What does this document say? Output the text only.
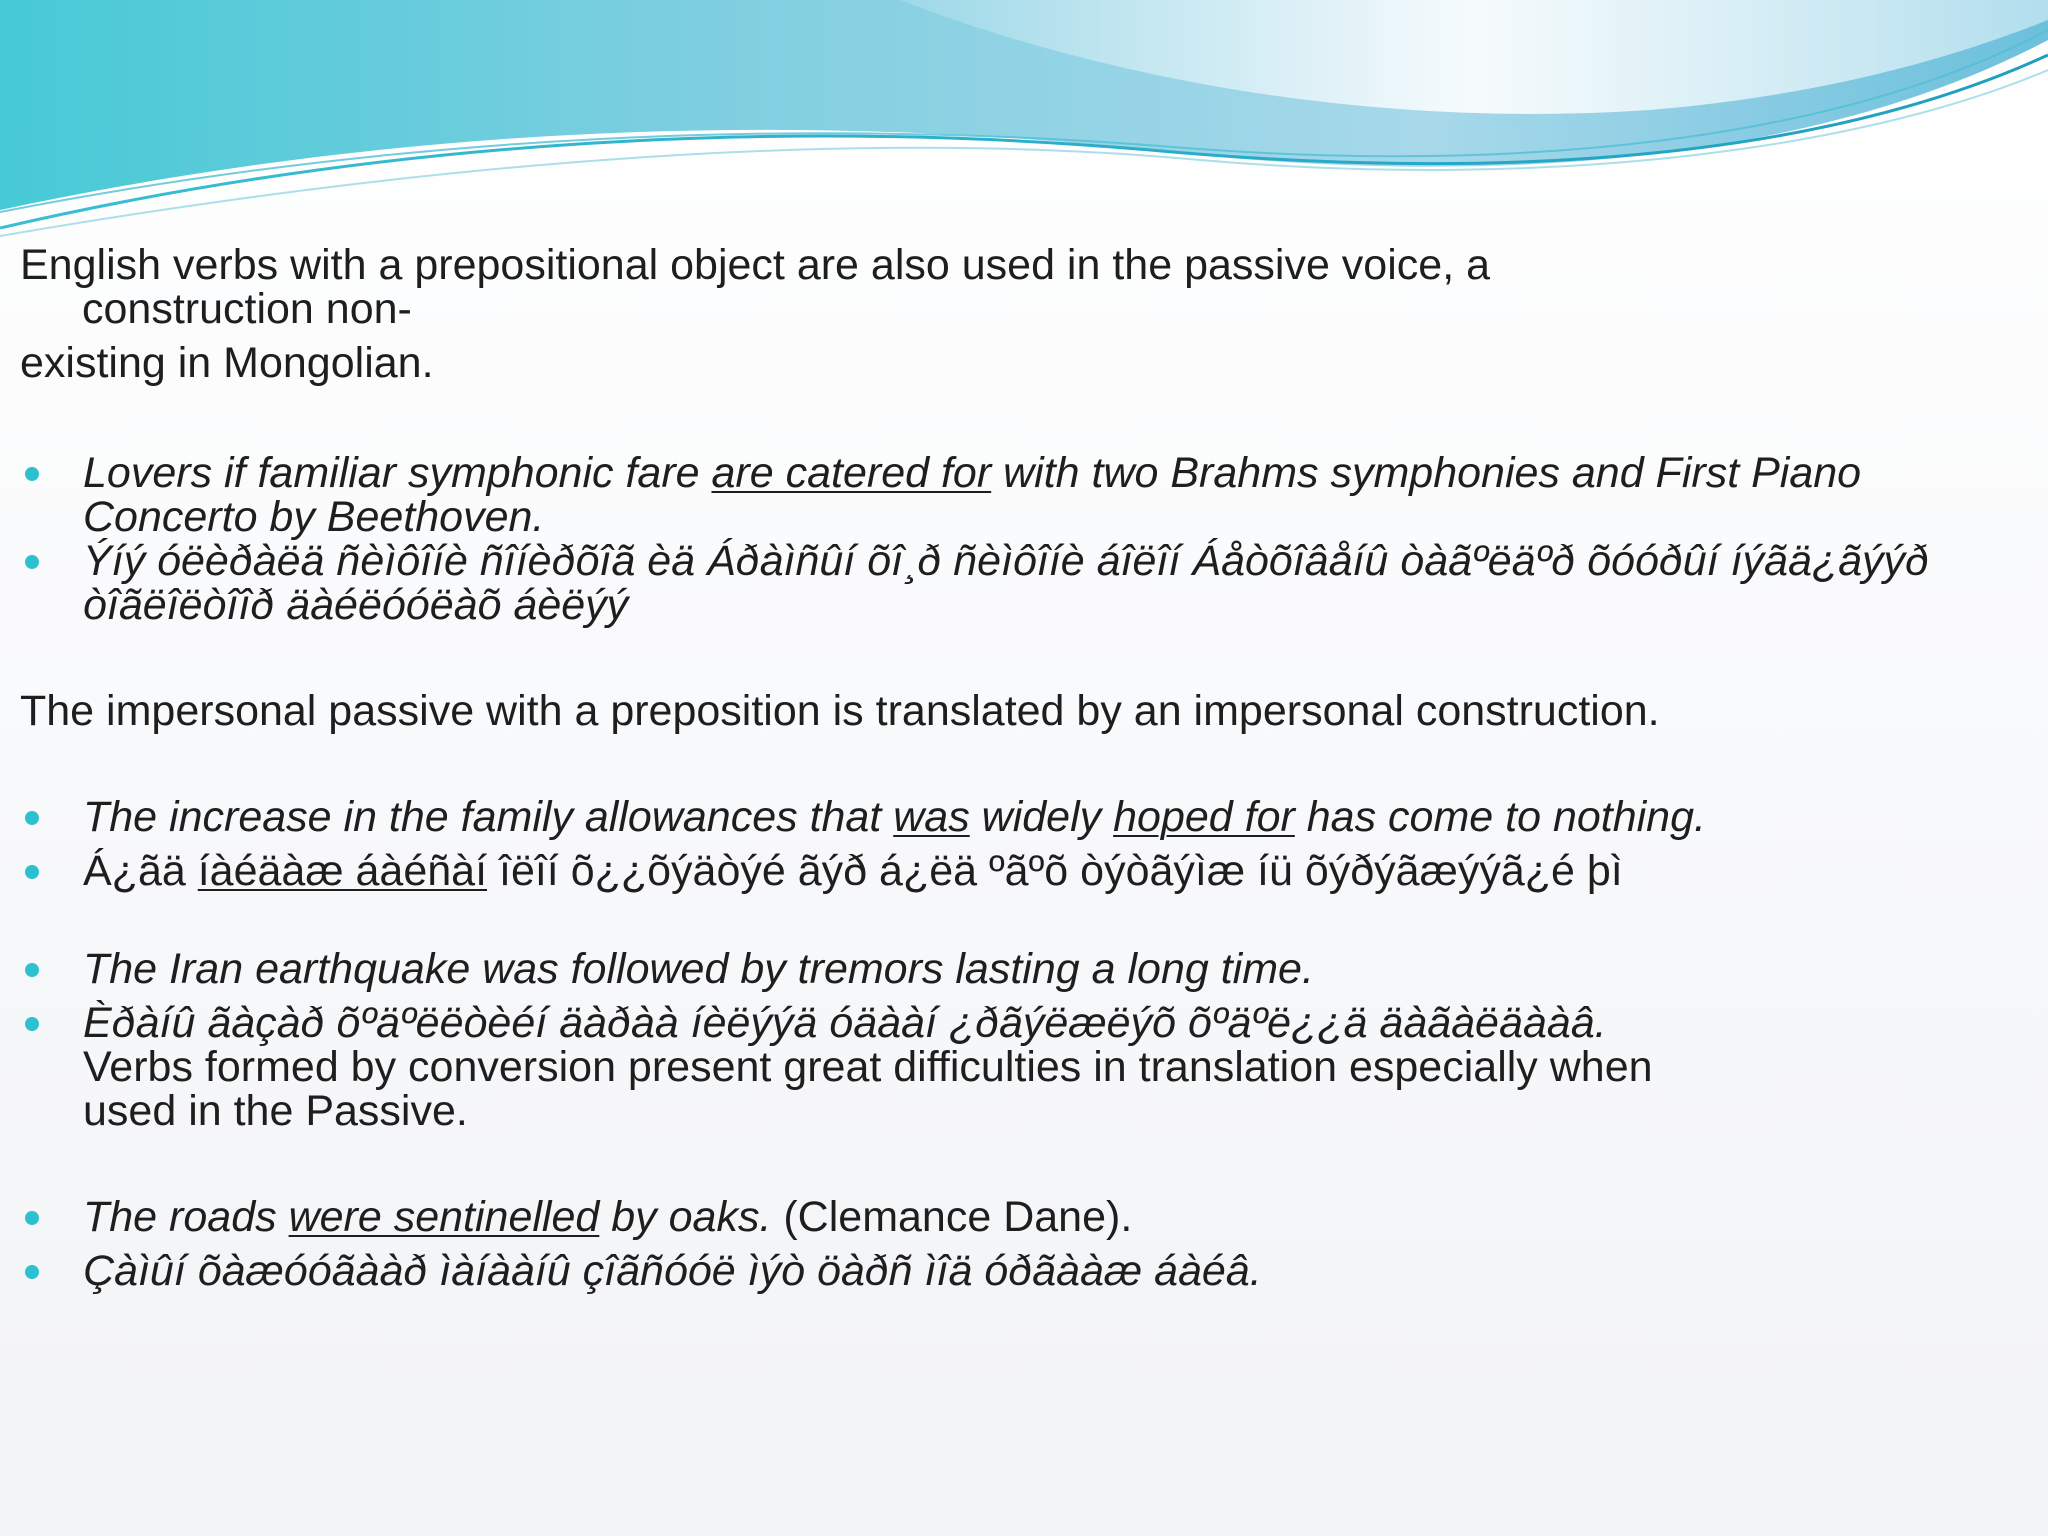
English verbs with a prepositional object are also used in the passive voice, a
construction non-

existing in Mongolian.

Lovers if familiar symphonic fare are catered for with two Brahms symphonies and First Piano Concerto by Beethoven.

Ýíý óëèðàëä ñèìôîíè ñîíèðõîã èä Áðàìñûí õî¸ð ñèìôîíè áîëîí Áåòõîâåíû òàãºëäºð õóóðûí íýãä¿ãýýð òîãëîëòîîð äàéëóóëàõ áèëýý

The impersonal passive with a preposition is translated by an impersonal construction.

The increase in the family allowances that was widely hoped for has come to nothing.

Á¿ãä íàéäàæ áàéñàí îëîí õ¿¿õýäòýé ãýð á¿ëä ºãºõ òýòãýìæ íü õýðýãæýýã¿é þì

The Iran earthquake was followed by tremors lasting a long time.

Èðàíû ãàçàð õºäºëëòèéí äàðàà íèëýýä óäààí ¿ðãýëæëýõ õºäºë¿¿ä äàãàëäààâ.
Verbs formed by conversion present great difficulties in translation especially when
used in the Passive.

The roads were sentinelled by oaks. (Clemance Dane).

Çàìûí õàæóóãààð ìàíààíû çîãñóóë ìýò öàðñ ìîä óðãààæ áàéâ.
